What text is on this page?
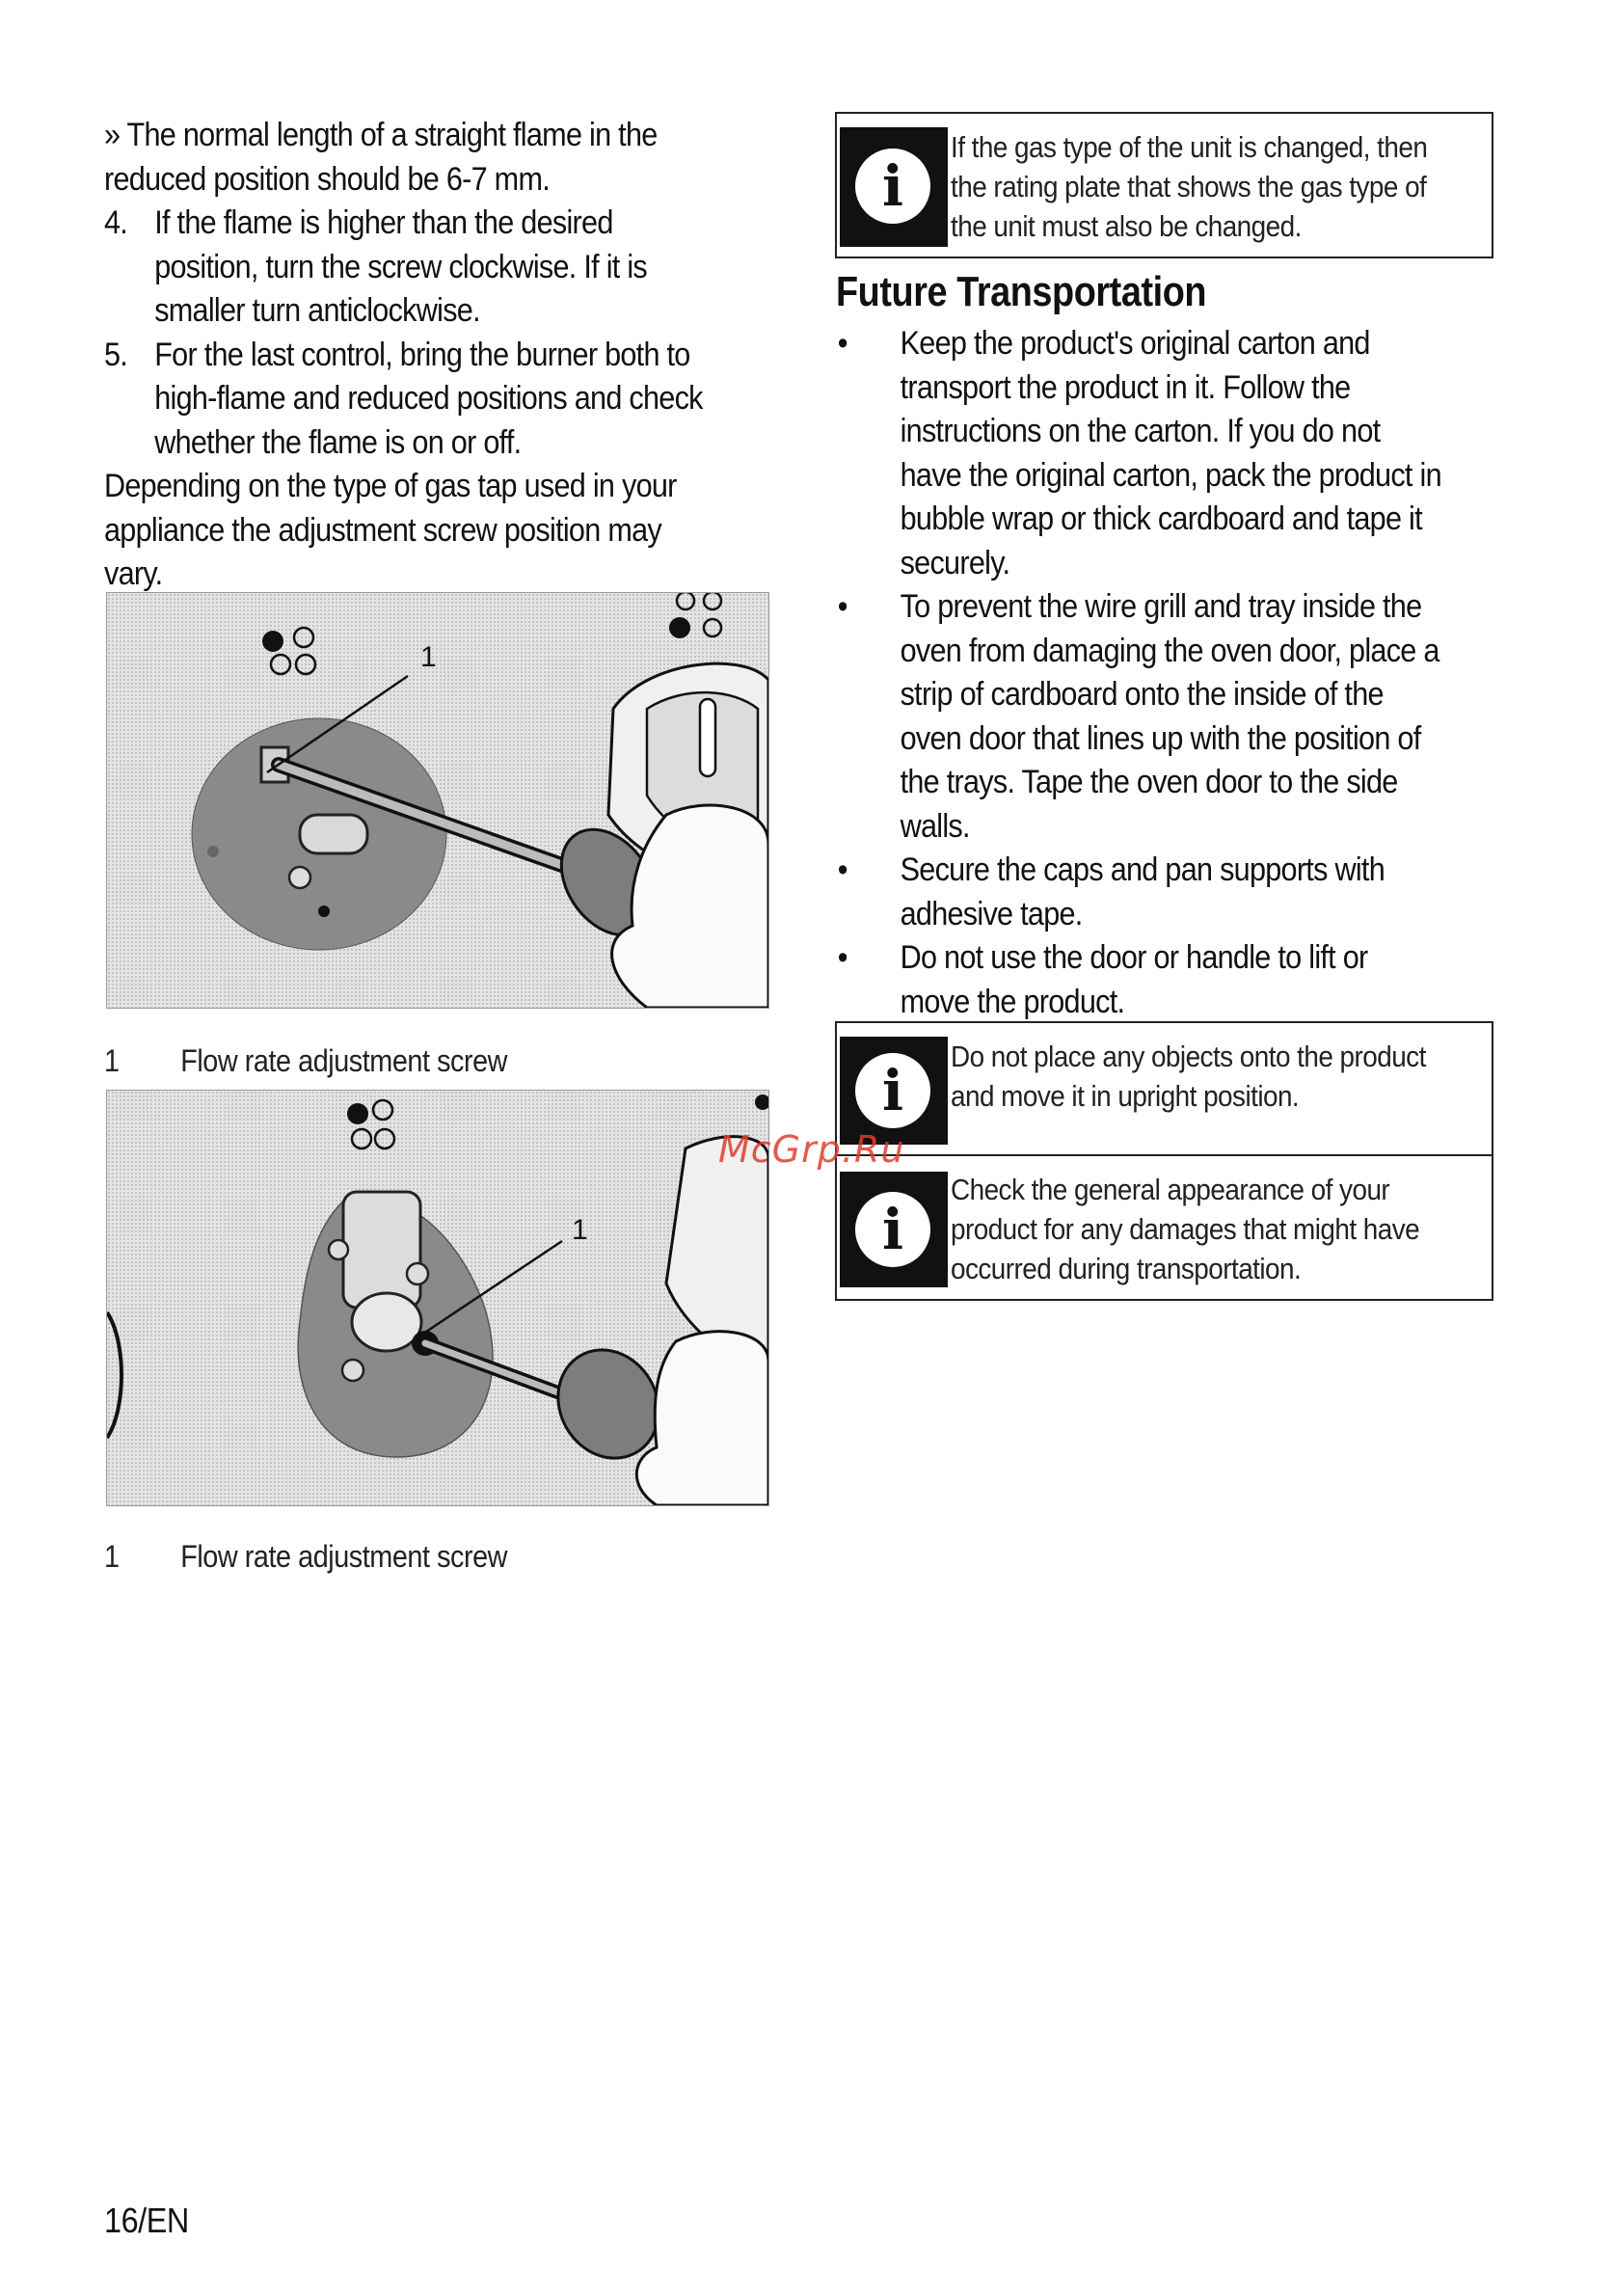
» The normal length of a straight flame in the reduced position should be 6-7 mm.

4. If the flame is higher than the desired position, turn the screw clockwise. If it is smaller turn anticlockwise.
5. For the last control, bring the burner both to high-flame and reduced positions and check whether the flame is on or off.

Depending on the type of gas tap used in your appliance the adjustment screw position may vary.

1
1 Flow rate adjustment screw
1
1 Flow rate adjustment screw
i
If the gas type of the unit is changed, then the rating plate that shows the gas type of the unit must also be changed.
Future Transportation
•	Keep the product's original carton and transport the product in it. Follow the instructions on the carton. If you do not have the original carton, pack the product in bubble wrap or thick cardboard and tape it securely.
•	To prevent the wire grill and tray inside the oven from damaging the oven door, place a strip of cardboard onto the inside of the oven door that lines up with the position of the trays. Tape the oven door to the side walls.
•	Secure the caps and pan supports with adhesive tape.
•	Do not use the door or handle to lift or move the product.
i
Do not place any objects onto the product and move it in upright position.
i
Check the general appearance of your product for any damages that might have occurred during transportation.
McGrp.Ru
16/EN
